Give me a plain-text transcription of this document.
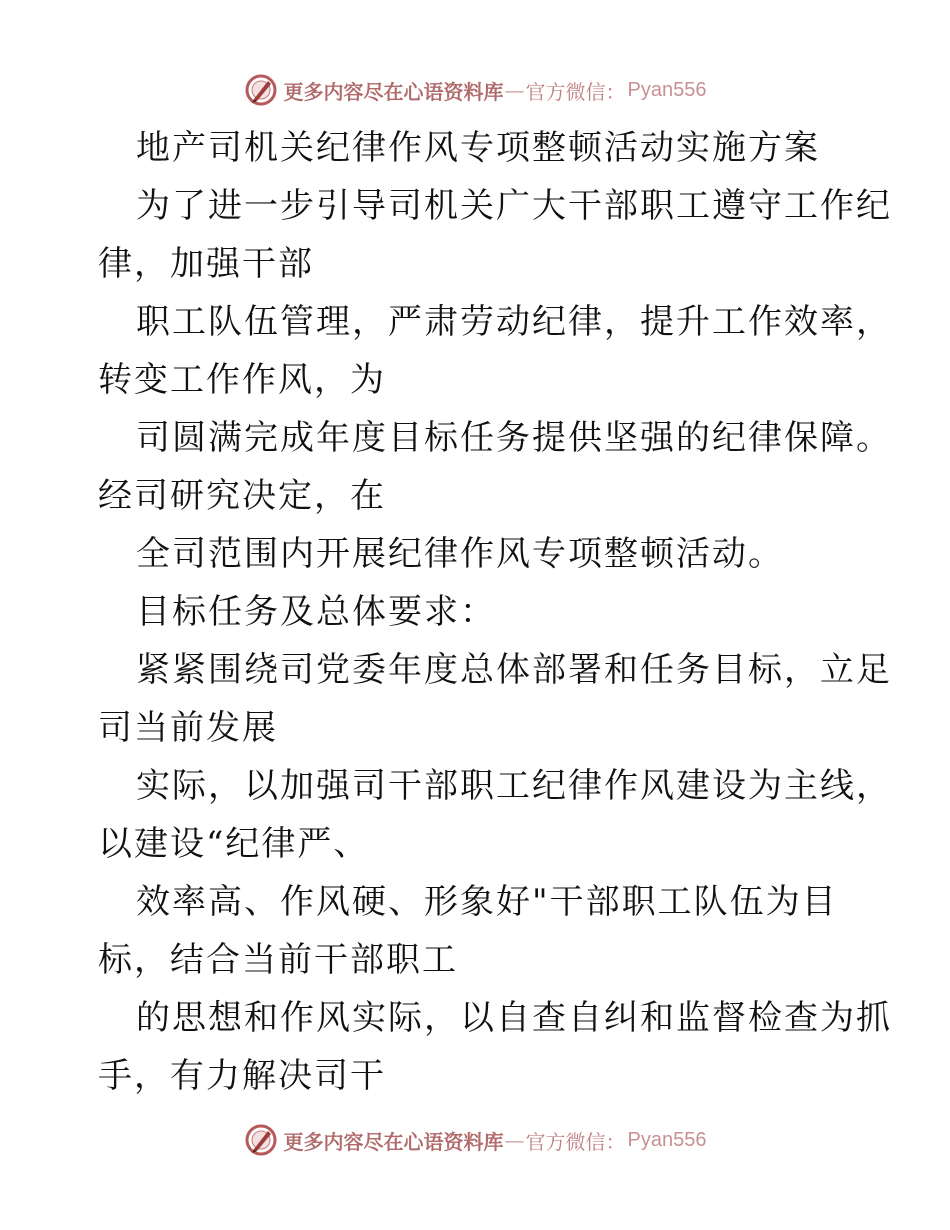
更多内容尽在心语资料库 — 官方微信： Pyan556
地产司机关纪律作风专项整顿活动实施方案
为了进一步引导司机关广大干部职工遵守工作纪
律，加强干部
职工队伍管理，严肃劳动纪律，提升工作效率，
转变工作作风，为
司圆满完成年度目标任务提供坚强的纪律保障。
经司研究决定，在
全司范围内开展纪律作风专项整顿活动。
目标任务及总体要求：
紧紧围绕司党委年度总体部署和任务目标，立足
司当前发展
实际，以加强司干部职工纪律作风建设为主线，
以建设“纪律严、
效率高、作风硬、形象好"干部职工队伍为目
标，结合当前干部职工
的思想和作风实际，以自查自纠和监督检查为抓
手，有力解决司干
更多内容尽在心语资料库 — 官方微信： Pyan556
